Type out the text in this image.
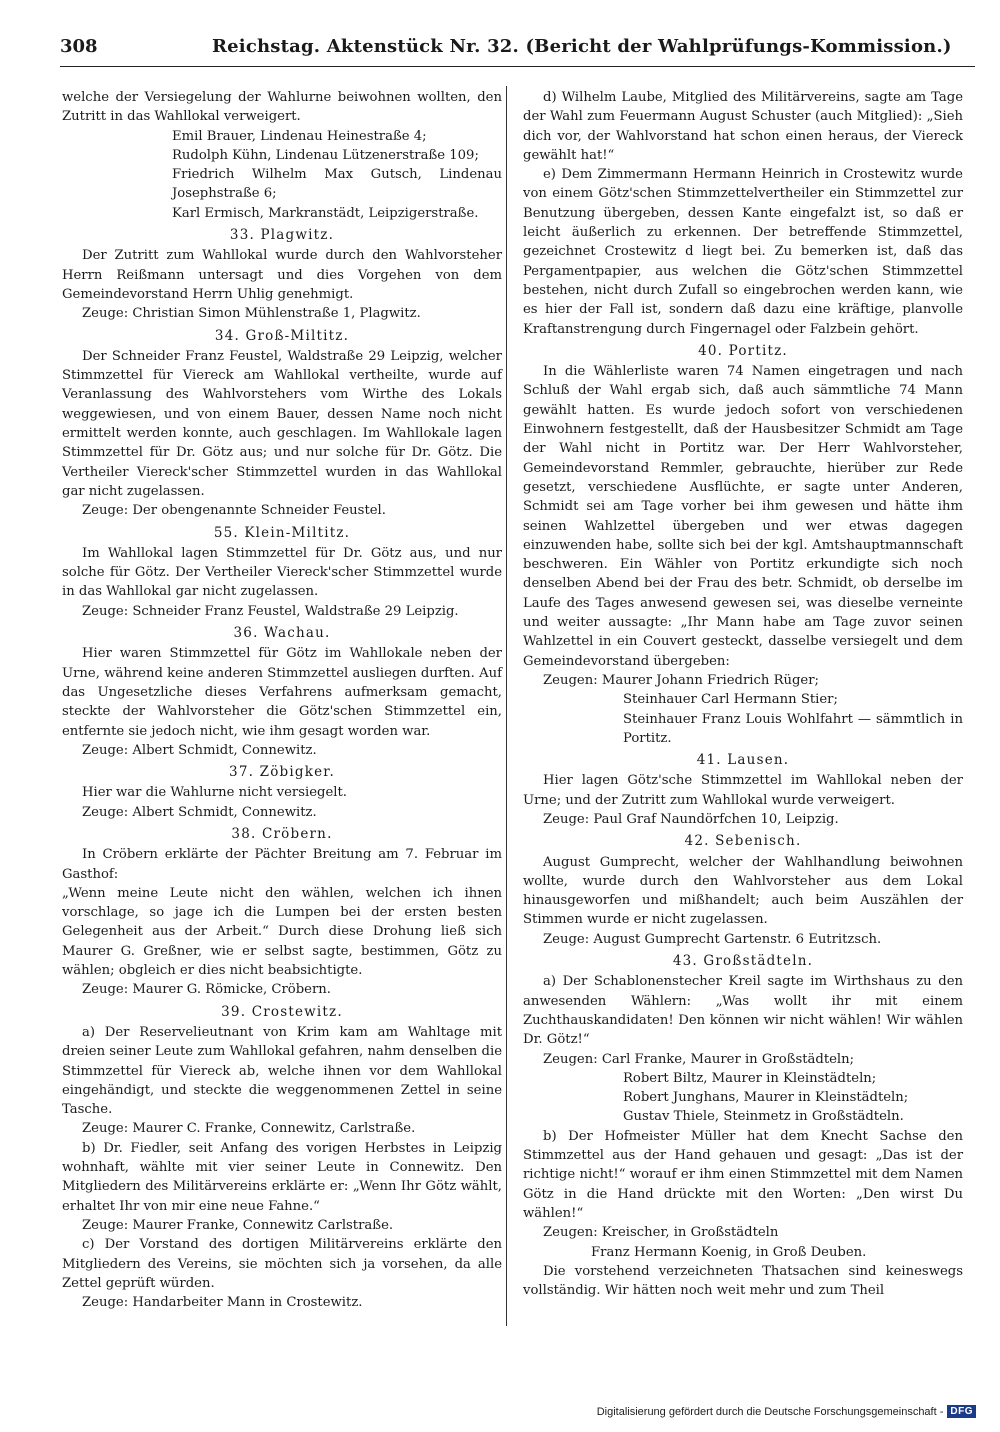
308	Reichstag. Aktenstück Nr. 32. (Bericht der Wahlprüfungs-Kommission.)

welche der Versiegelung der Wahlurne beiwohnen wollten, den Zutritt in das Wahllokal verweigert.

Emil Brauer, Lindenau Heinestraße 4;

Rudolph Kühn, Lindenau Lützenerstraße 109;

Friedrich Wilhelm Max Gutsch, Lindenau Josephstraße 6;

Karl Ermisch, Markranstädt, Leipzigerstraße.

33. Plagwitz.

Der Zutritt zum Wahllokal wurde durch den Wahlvorsteher Herrn Reißmann untersagt und dies Vorgehen von dem Gemeindevorstand Herrn Uhlig genehmigt.

Zeuge: Christian Simon Mühlenstraße 1, Plagwitz.

34. Groß-Miltitz.

Der Schneider Franz Feustel, Waldstraße 29 Leipzig, welcher Stimmzettel für Viereck am Wahllokal vertheilte, wurde auf Veranlassung des Wahlvorstehers vom Wirthe des Lokals weggewiesen, und von einem Bauer, dessen Name noch nicht ermittelt werden konnte, auch geschlagen. Im Wahllokale lagen Stimmzettel für Dr. Götz aus; und nur solche für Dr. Götz. Die Vertheiler Viereck'scher Stimmzettel wurden in das Wahllokal gar nicht zugelassen.

Zeuge: Der obengenannte Schneider Feustel.

55. Klein-Miltitz.

Im Wahllokal lagen Stimmzettel für Dr. Götz aus, und nur solche für Götz. Der Vertheiler Viereck'scher Stimmzettel wurde in das Wahllokal gar nicht zugelassen.

Zeuge: Schneider Franz Feustel, Waldstraße 29 Leipzig.

36. Wachau.

Hier waren Stimmzettel für Götz im Wahllokale neben der Urne, während keine anderen Stimmzettel ausliegen durften. Auf das Ungesetzliche dieses Verfahrens aufmerksam gemacht, steckte der Wahlvorsteher die Götz'schen Stimmzettel ein, entfernte sie jedoch nicht, wie ihm gesagt worden war.

Zeuge: Albert Schmidt, Connewitz.

37. Zöbigker.

Hier war die Wahlurne nicht versiegelt.

Zeuge: Albert Schmidt, Connewitz.

38. Cröbern.

In Cröbern erklärte der Pächter Breitung am 7. Februar im Gasthof:

„Wenn meine Leute nicht den wählen, welchen ich ihnen vorschlage, so jage ich die Lumpen bei der ersten besten Gelegenheit aus der Arbeit.“ Durch diese Drohung ließ sich Maurer G. Greßner, wie er selbst sagte, bestimmen, Götz zu wählen; obgleich er dies nicht beabsichtigte.

Zeuge: Maurer G. Römicke, Cröbern.

39. Crostewitz.

a) Der Reservelieutnant von Krim kam am Wahltage mit dreien seiner Leute zum Wahllokal gefahren, nahm denselben die Stimmzettel für Viereck ab, welche ihnen vor dem Wahllokal eingehändigt, und steckte die weggenommenen Zettel in seine Tasche.

Zeuge: Maurer C. Franke, Connewitz, Carlstraße.

b) Dr. Fiedler, seit Anfang des vorigen Herbstes in Leipzig wohnhaft, wählte mit vier seiner Leute in Connewitz. Den Mitgliedern des Militärvereins erklärte er: „Wenn Ihr Götz wählt, erhaltet Ihr von mir eine neue Fahne.“

Zeuge: Maurer Franke, Connewitz Carlstraße.

c) Der Vorstand des dortigen Militärvereins erklärte den Mitgliedern des Vereins, sie möchten sich ja vorsehen, da alle Zettel geprüft würden.

Zeuge: Handarbeiter Mann in Crostewitz.

d) Wilhelm Laube, Mitglied des Militärvereins, sagte am Tage der Wahl zum Feuermann August Schuster (auch Mitglied): „Sieh dich vor, der Wahlvorstand hat schon einen heraus, der Viereck gewählt hat!“

e) Dem Zimmermann Hermann Heinrich in Crostewitz wurde von einem Götz'schen Stimmzettelvertheiler ein Stimmzettel zur Benutzung übergeben, dessen Kante eingefalzt ist, so daß er leicht äußerlich zu erkennen. Der betreffende Stimmzettel, gezeichnet Crostewitz d liegt bei. Zu bemerken ist, daß das Pergamentpapier, aus welchen die Götz'schen Stimmzettel bestehen, nicht durch Zufall so eingebrochen werden kann, wie es hier der Fall ist, sondern daß dazu eine kräftige, planvolle Kraftanstrengung durch Fingernagel oder Falzbein gehört.

40. Portitz.

In die Wählerliste waren 74 Namen eingetragen und nach Schluß der Wahl ergab sich, daß auch sämmtliche 74 Mann gewählt hatten. Es wurde jedoch sofort von verschiedenen Einwohnern festgestellt, daß der Hausbesitzer Schmidt am Tage der Wahl nicht in Portitz war. Der Herr Wahlvorsteher, Gemeindevorstand Remmler, gebrauchte, hierüber zur Rede gesetzt, verschiedene Ausflüchte, er sagte unter Anderen, Schmidt sei am Tage vorher bei ihm gewesen und hätte ihm seinen Wahlzettel übergeben und wer etwas dagegen einzuwenden habe, sollte sich bei der kgl. Amtshauptmannschaft beschweren. Ein Wähler von Portitz erkundigte sich noch denselben Abend bei der Frau des betr. Schmidt, ob derselbe im Laufe des Tages anwesend gewesen sei, was dieselbe verneinte und weiter aussagte: „Ihr Mann habe am Tage zuvor seinen Wahlzettel in ein Couvert gesteckt, dasselbe versiegelt und dem Gemeindevorstand übergeben:

Zeugen: Maurer Johann Friedrich Rüger;

Steinhauer Carl Hermann Stier;

Steinhauer Franz Louis Wohlfahrt — sämmtlich in Portitz.

41. Lausen.

Hier lagen Götz'sche Stimmzettel im Wahllokal neben der Urne; und der Zutritt zum Wahllokal wurde verweigert.

Zeuge: Paul Graf Naundörfchen 10, Leipzig.

42. Sebenisch.

August Gumprecht, welcher der Wahlhandlung beiwohnen wollte, wurde durch den Wahlvorsteher aus dem Lokal hinausgeworfen und mißhandelt; auch beim Auszählen der Stimmen wurde er nicht zugelassen.

Zeuge: August Gumprecht Gartenstr. 6 Eutritzsch.

43. Großstädteln.

a) Der Schablonenstecher Kreil sagte im Wirthshaus zu den anwesenden Wählern: „Was wollt ihr mit einem Zuchthauskandidaten! Den können wir nicht wählen! Wir wählen Dr. Götz!“

Zeugen: Carl Franke, Maurer in Großstädteln;

Robert Biltz, Maurer in Kleinstädteln;

Robert Junghans, Maurer in Kleinstädteln;

Gustav Thiele, Steinmetz in Großstädteln.

b) Der Hofmeister Müller hat dem Knecht Sachse den Stimmzettel aus der Hand gehauen und gesagt: „Das ist der richtige nicht!“ worauf er ihm einen Stimmzettel mit dem Namen Götz in die Hand drückte mit den Worten: „Den wirst Du wählen!“

Zeugen: Kreischer, in Großstädteln

Franz Hermann Koenig, in Groß Deuben.

Die vorstehend verzeichneten Thatsachen sind keineswegs vollständig. Wir hätten noch weit mehr und zum Theil

Digitalisierung gefördert durch die Deutsche Forschungsgemeinschaft - DFG
